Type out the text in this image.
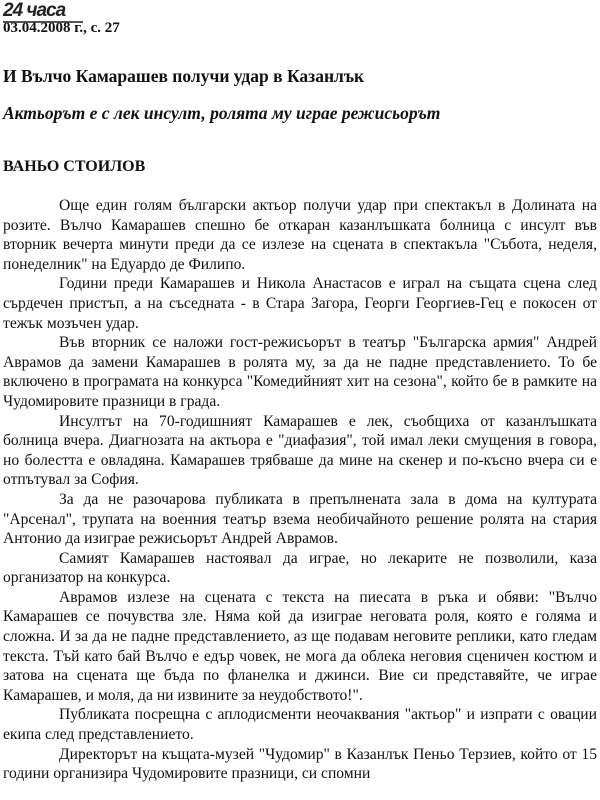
24 часа
03.04.2008 г., с. 27
И Вълчо Камарашев получи удар в Казанлък
Актьорът е с лек инсулт, ролята му играе режисьорът
ВАНЬО СТОИЛОВ

Още един голям български актьор получи удар при спектакъл в Долината на розите. Вълчо Камарашев спешно бе откаран казанлъшката болница с инсулт във вторник вечерта минути преди да се излезе на сцената в спектакъла "Събота, неделя, понеделник" на Едуардо де Филипо.

Години преди Камарашев и Никола Анастасов е играл на същата сцена след сърдечен пристъп, а на съседната - в Стара Загора, Георги Георгиев-Гец е покосен от тежък мозъчен удар.

Във вторник се наложи гост-режисьорът в театър "Българска армия" Андрей Аврамов да замени Камарашев в ролята му, за да не падне представлението. То бе включено в програмата на конкурса "Комедийният хит на сезона", който бе в рамките на Чудомировите празници в града.

Инсултът на 70-годишният Камарашев е лек, съобщиха от казанлъшката болница вчера. Диагнозата на актьора е "диафазия", той имал леки смущения в говора, но болестта е овладяна. Камарашев трябваше да мине на скенер и по-късно вчера си е отпътувал за София.

За да не разочарова публиката в препълнената зала в дома на културата "Арсенал", трупата на военния театър взема необичайното решение ролята на стария Антонио да изиграе режисьорът Андрей Аврамов.

Самият Камарашев настоявал да играе, но лекарите не позволили, каза организатор на конкурса.

Аврамов излезе на сцената с текста на пиесата в ръка и обяви: "Вълчо Камарашев се почувства зле. Няма кой да изиграе неговата роля, която е голяма и сложна. И за да не падне представлението, аз ще подавам неговите реплики, като гледам текста. Тъй като бай Вълчо е едър човек, не мога да облека неговия сценичен костюм и затова на сцената ще бъда по фланелка и джинси. Вие си представяйте, че играе Камарашев, и моля, да ни извините за неудобството!".

Публиката посрещна с аплодисменти неочаквания "актьор" и изпрати с овации екипа след представлението.

Директорът на къщата-музей "Чудомир" в Казанлък Пеньо Терзиев, който от 15 години организира Чудомировите празници, си спомни
